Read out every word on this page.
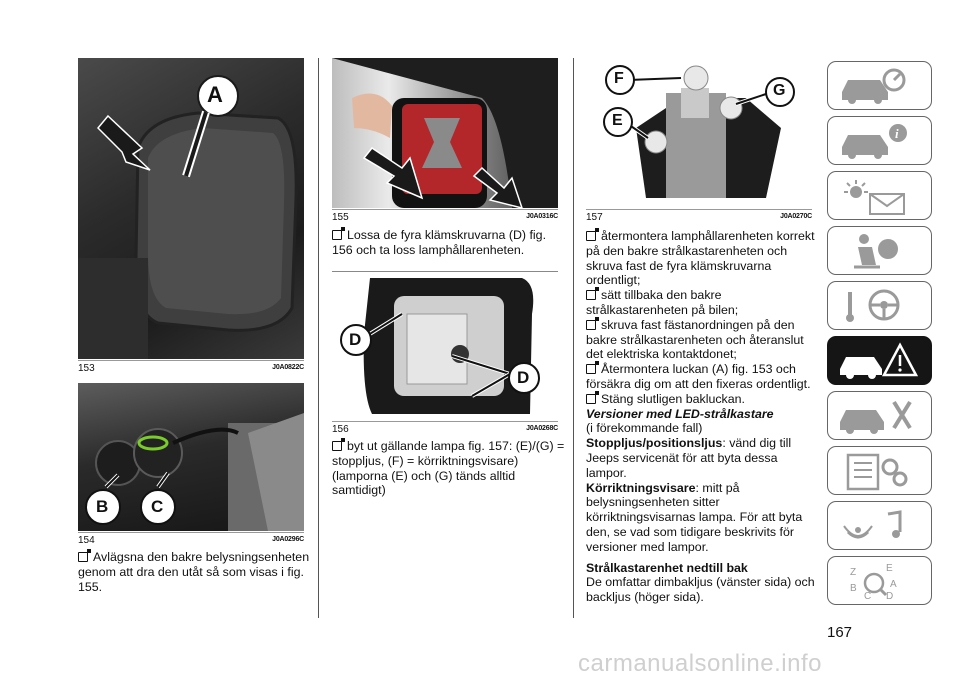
A
153	J0A0822C
B	C
154	J0A0296C

Avlägsna den bakre belysningsenheten genom att dra den utåt så som visas i fig. 155.

155	J0A0316C

Lossa de fyra klämskruvarna (D) fig. 156 och ta loss lamphållarenheten.

D
D
156	J0A0268C

byt ut gällande lampa fig. 157: (E)/(G) = stoppljus, (F) = körriktningsvisare) (lamporna (E) och (G) tänds alltid samtidigt)

F
G
E
157	J0A0270C

återmontera lamphållarenheten korrekt på den bakre strålkastarenheten och skruva fast de fyra klämskruvarna ordentligt;

sätt tillbaka den bakre strålkastarenheten på bilen;

skruva fast fästanordningen på den bakre strålkastarenheten och återanslut det elektriska kontaktdonet;

Återmontera luckan (A) fig. 153 och försäkra dig om att den fixeras ordentligt.

Stäng slutligen bakluckan.

Versioner med LED-strålkastare

(i förekommande fall)

Stoppljus/positionsljus: vänd dig till Jeeps servicenät för att byta dessa lampor.

Körriktningsvisare: mitt på belysningsenheten sitter körriktningsvisarnas lampa. För att byta den, se vad som tidigare beskrivits för versioner med lampor.

Strålkastarenhet nedtill bak

De omfattar dimbakljus (vänster sida) och backljus (höger sida).

i
Z	E
B	A
C D
167
carmanualsonline.info
